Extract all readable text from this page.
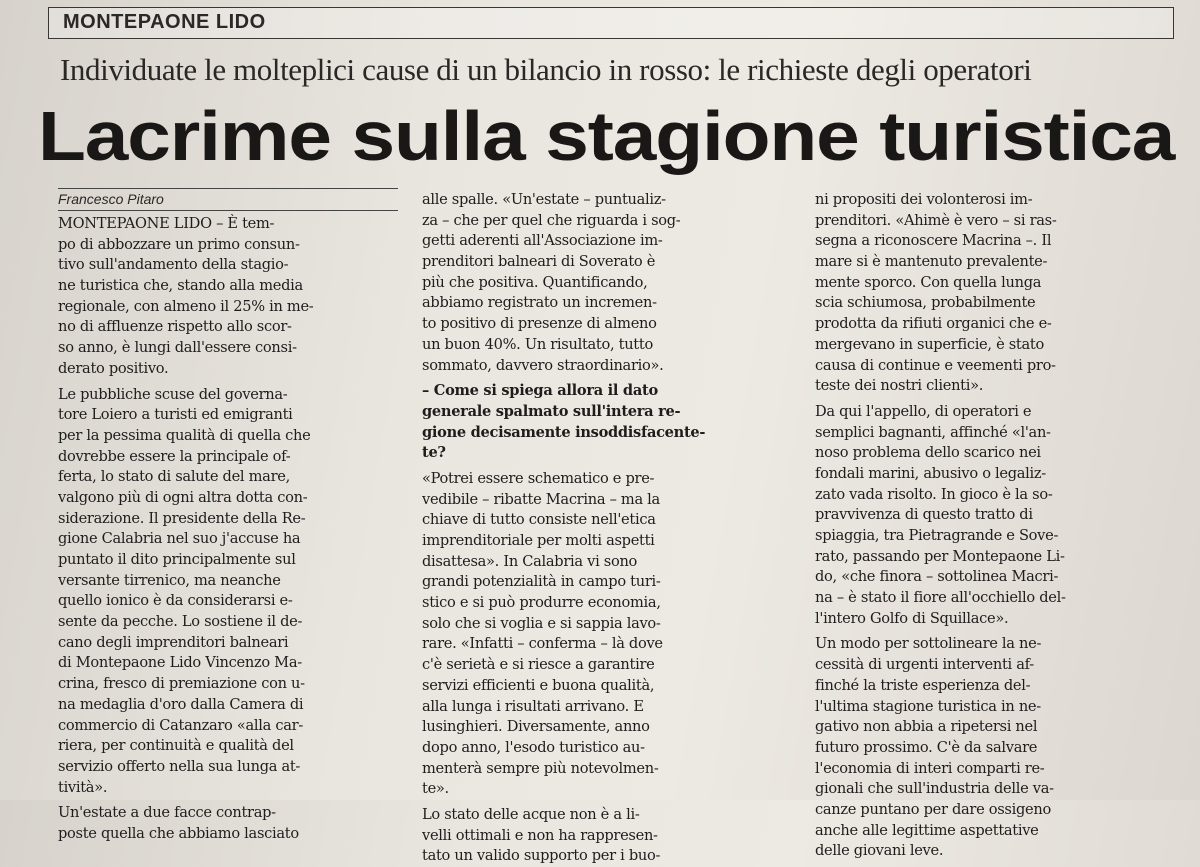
MONTEPAONE LIDO
Individuate le molteplici cause di un bilancio in rosso: le richieste degli operatori
Lacrime sulla stagione turistica
Francesco Pitaro
MONTEPAONE LIDO – È tem-
po di abbozzare un primo consun-
tivo sull'andamento della stagio-
ne turistica che, stando alla media
regionale, con almeno il 25% in me-
no di affluenze rispetto allo scor-
so anno, è lungi dall'essere consi-
derato positivo.
Le pubbliche scuse del governa-
tore Loiero a turisti ed emigranti
per la pessima qualità di quella che
dovrebbe essere la principale of-
ferta, lo stato di salute del mare,
valgono più di ogni altra dotta con-
siderazione. Il presidente della Re-
gione Calabria nel suo j'accuse ha
puntato il dito principalmente sul
versante tirrenico, ma neanche
quello ionico è da considerarsi e-
sente da pecche. Lo sostiene il de-
cano degli imprenditori balneari
di Montepaone Lido Vincenzo Ma-
crina, fresco di premiazione con u-
na medaglia d'oro dalla Camera di
commercio di Catanzaro «alla car-
riera, per continuità e qualità del
servizio offerto nella sua lunga at-
tività».
Un'estate a due facce contrap-
poste quella che abbiamo lasciato
alle spalle. «Un'estate – puntualiz-
za – che per quel che riguarda i sog-
getti aderenti all'Associazione im-
prenditori balneari di Soverato è
più che positiva. Quantificando,
abbiamo registrato un incremen-
to positivo di presenze di almeno
un buon 40%. Un risultato, tutto
sommato, davvero straordinario».
– Come si spiega allora il dato
generale spalmato sull'intera re-
gione decisamente insoddisfacente-
te?
«Potrei essere schematico e pre-
vedibile – ribatte Macrina – ma la
chiave di tutto consiste nell'etica
imprenditoriale per molti aspetti
disattesa». In Calabria vi sono
grandi potenzialità in campo turi-
stico e si può produrre economia,
solo che si voglia e si sappia lavo-
rare. «Infatti – conferma – là dove
c'è serietà e si riesce a garantire
servizi efficienti e buona qualità,
alla lunga i risultati arrivano. E
lusinghieri. Diversamente, anno
dopo anno, l'esodo turistico au-
menterà sempre più notevolmen-
te».
Lo stato delle acque non è a li-
velli ottimali e non ha rappresen-
tato un valido supporto per i buo-
ni propositi dei volonterosi im-
prenditori. «Ahimè è vero – si ras-
segna a riconoscere Macrina –. Il
mare si è mantenuto prevalente-
mente sporco. Con quella lunga
scia schiumosa, probabilmente
prodotta da rifiuti organici che e-
mergevano in superficie, è stato
causa di continue e veementi pro-
teste dei nostri clienti».
Da qui l'appello, di operatori e
semplici bagnanti, affinché «l'an-
noso problema dello scarico nei
fondali marini, abusivo o legaliz-
zato vada risolto. In gioco è la so-
pravvivenza di questo tratto di
spiaggia, tra Pietragrande e Sove-
rato, passando per Montepaone Li-
do, «che finora – sottolinea Macri-
na – è stato il fiore all'occhiello del-
l'intero Golfo di Squillace».
Un modo per sottolineare la ne-
cessità di urgenti interventi af-
finché la triste esperienza del-
l'ultima stagione turistica in ne-
gativo non abbia a ripetersi nel
futuro prossimo. C'è da salvare
l'economia di interi comparti re-
gionali che sull'industria delle va-
canze puntano per dare ossigeno
anche alle legittime aspettative
delle giovani leve.
